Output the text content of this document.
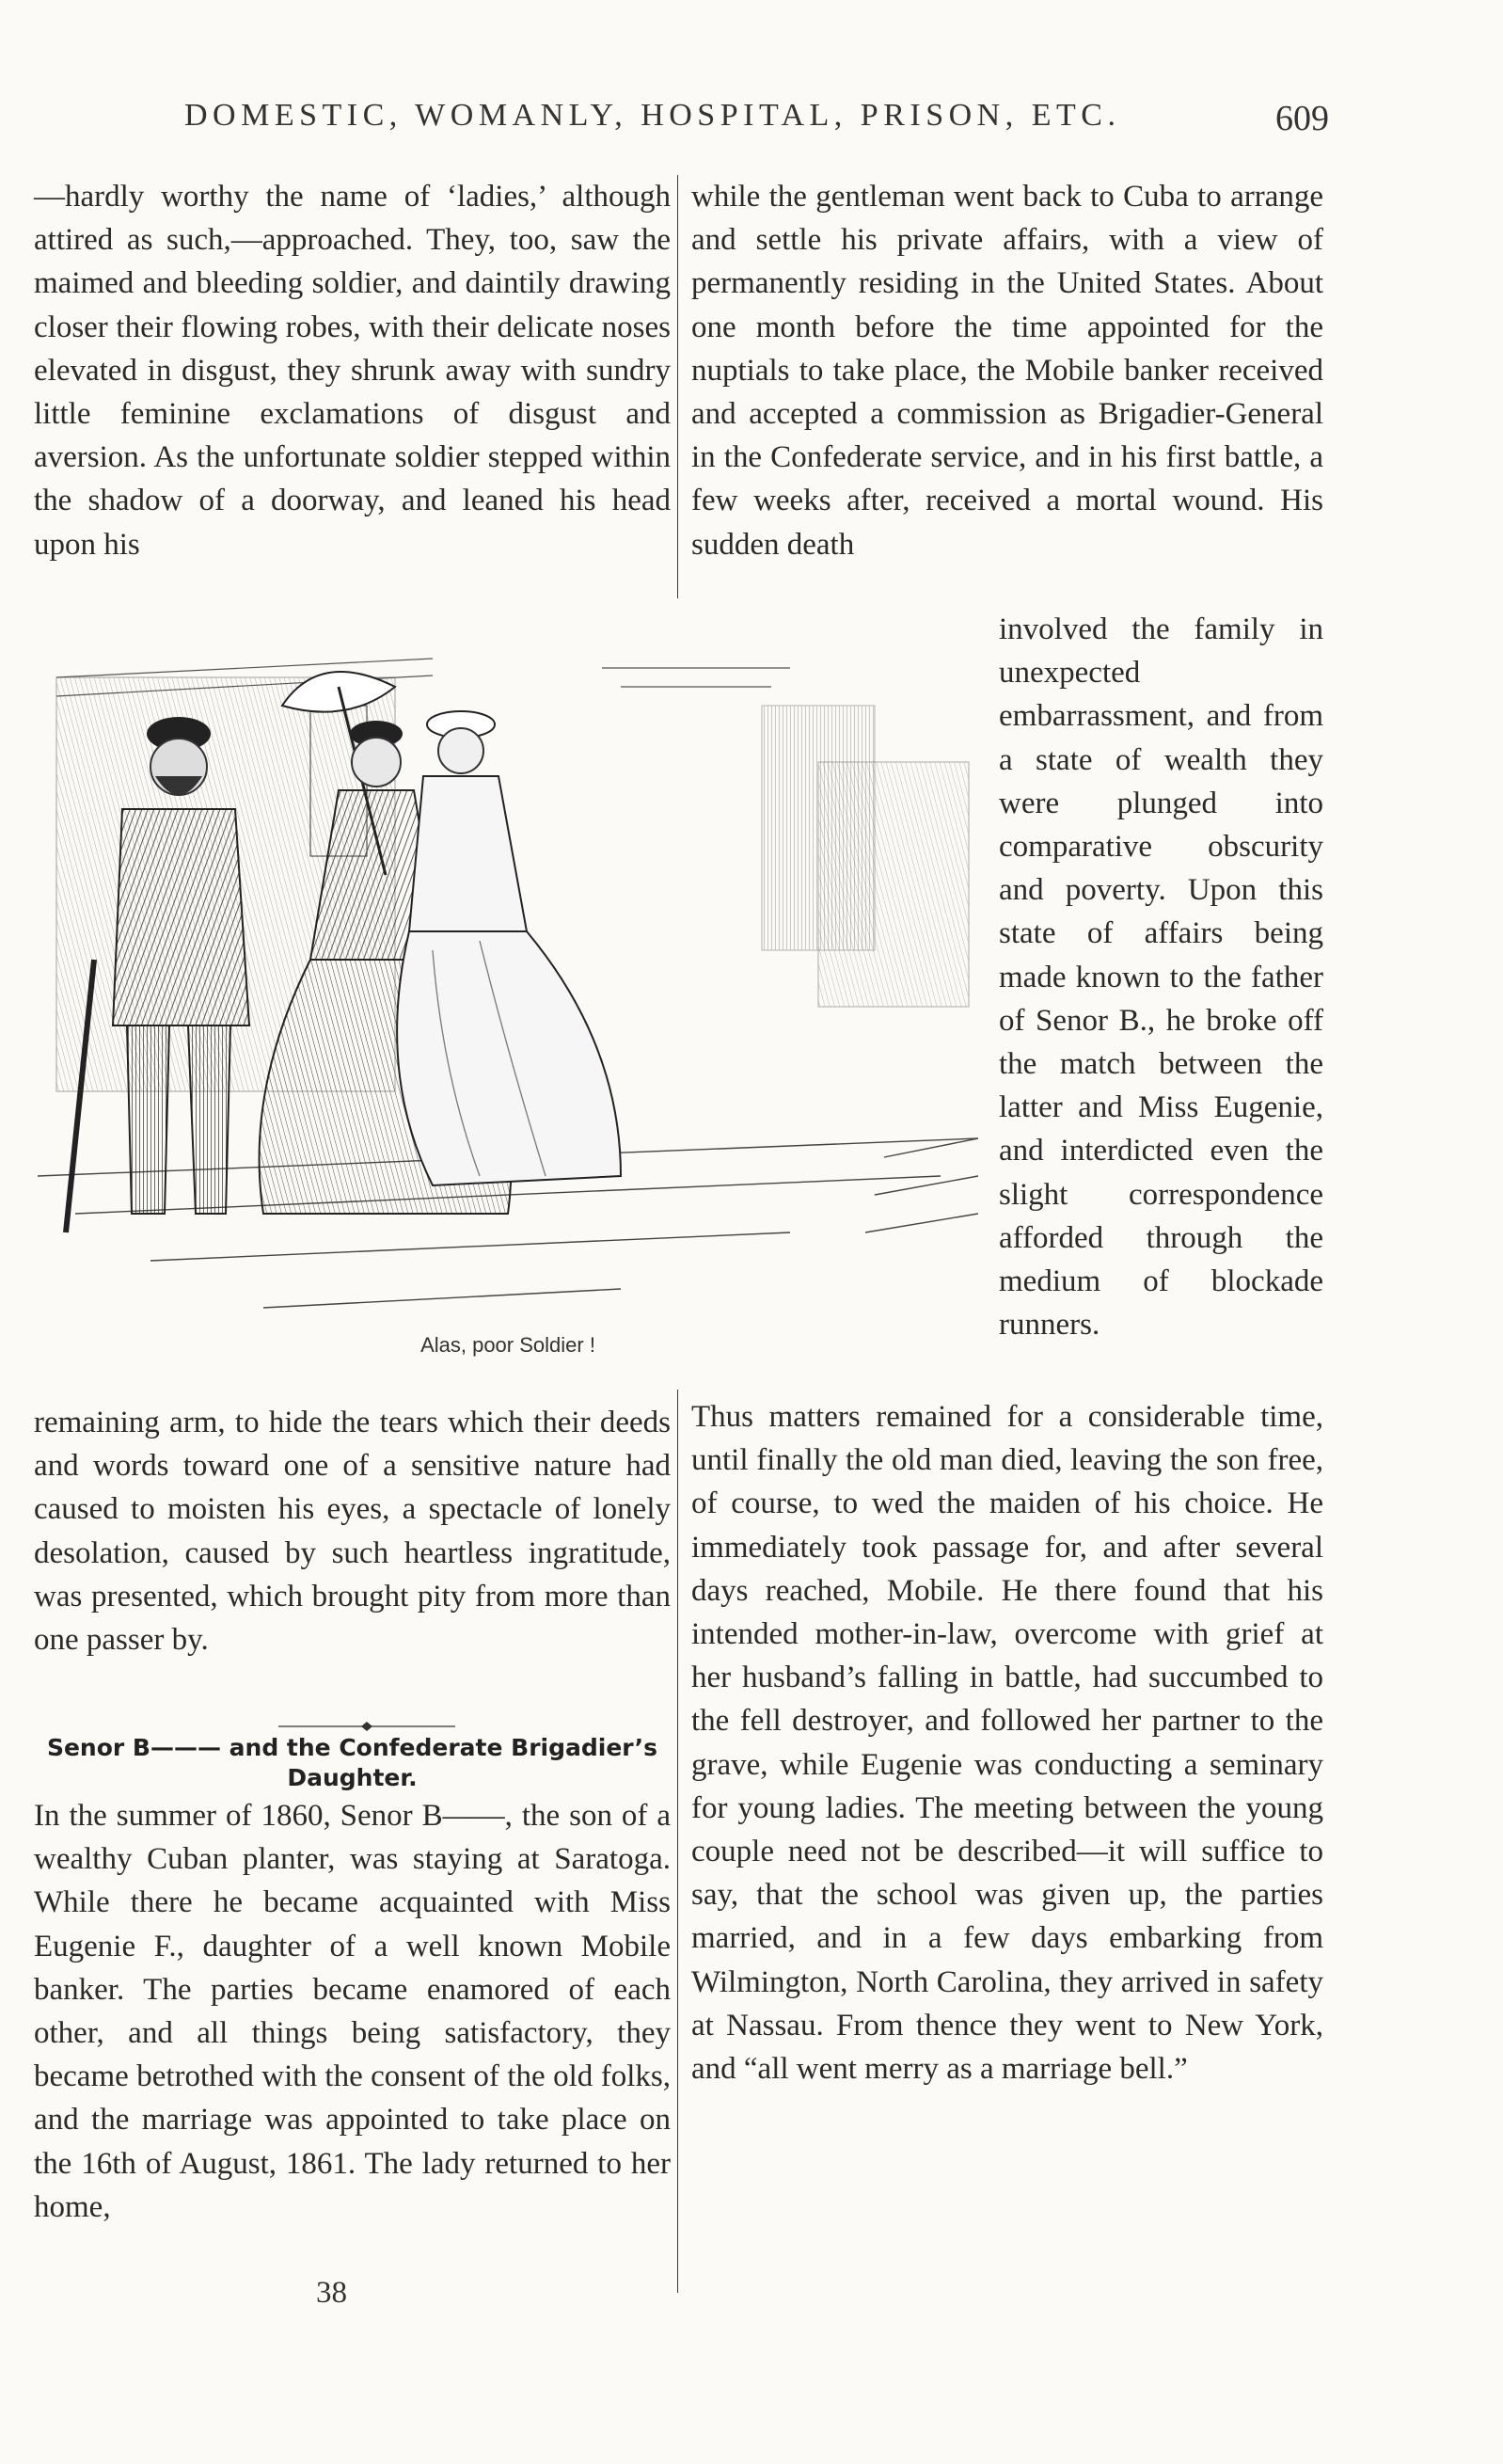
DOMESTIC, WOMANLY, HOSPITAL, PRISON, ETC.	609

—hardly worthy the name of ‘ladies,’ although attired as such,—approached. They, too, saw the maimed and bleeding soldier, and daintily drawing closer their flowing robes, with their delicate noses elevated in disgust, they shrunk away with sundry little feminine exclamations of disgust and aversion. As the unfortunate soldier stepped within the shadow of a doorway, and leaned his head upon his

while the gentleman went back to Cuba to arrange and settle his private affairs, with a view of permanently residing in the United States. About one month before the time appointed for the nuptials to take place, the Mobile banker received and accepted a commission as Brigadier-General in the Confederate service, and in his first battle, a few weeks after, received a mortal wound. His sudden death

involved the family in unexpected embarrassment, and from a state of wealth they were plunged into comparative obscurity and poverty. Upon this state of affairs being made known to the father of Senor B., he broke off the match between the latter and Miss Eugenie, and interdicted even the slight correspondence afforded through the medium of blockade runners.

Alas, poor Soldier !

remaining arm, to hide the tears which their deeds and words toward one of a sensitive nature had caused to moisten his eyes, a spectacle of lonely desolation, caused by such heartless ingratitude, was presented, which brought pity from more than one passer by.

Thus matters remained for a considerable time, until finally the old man died, leaving the son free, of course, to wed the maiden of his choice. He immediately took passage for, and after several days reached, Mobile. He there found that his intended mother-in-law, overcome with grief at her husband’s falling in battle, had succumbed to the fell destroyer, and followed her partner to the grave, while Eugenie was conducting a seminary for young ladies. The meeting between the young couple need not be described—it will suffice to say, that the school was given up, the parties married, and in a few days embarking from Wilmington, North Carolina, they arrived in safety at Nassau. From thence they went to New York, and “all went merry as a marriage bell.”

Senor B——— and the Confederate Brigadier’s
Daughter.

In the summer of 1860, Senor B——, the son of a wealthy Cuban planter, was staying at Saratoga. While there he became acquainted with Miss Eugenie F., daughter of a well known Mobile banker. The parties became enamored of each other, and all things being satisfactory, they became betrothed with the consent of the old folks, and the marriage was appointed to take place on the 16th of August, 1861. The lady returned to her home,

38
